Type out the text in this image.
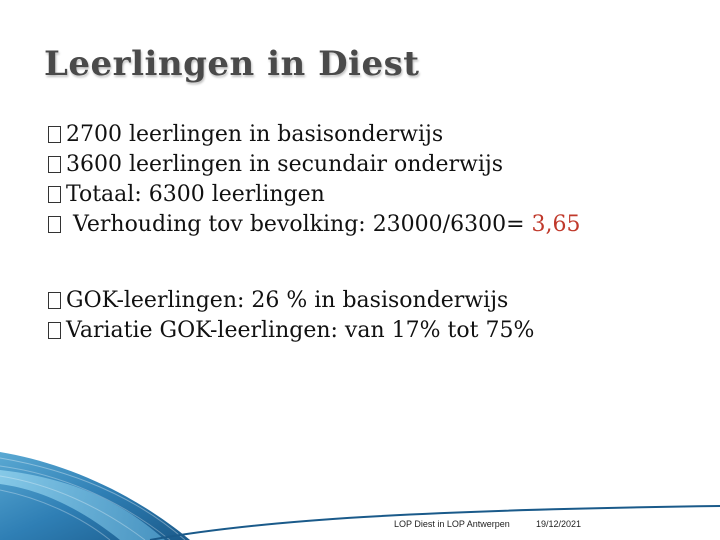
Leerlingen in Diest
2700 leerlingen in basisonderwijs
3600 leerlingen in secundair onderwijs
Totaal: 6300 leerlingen
Verhouding tov bevolking: 23000/6300= 3,65
GOK-leerlingen: 26 % in basisonderwijs
Variatie GOK-leerlingen: van 17% tot 75%
LOP Diest in LOP Antwerpen	19/12/2021
